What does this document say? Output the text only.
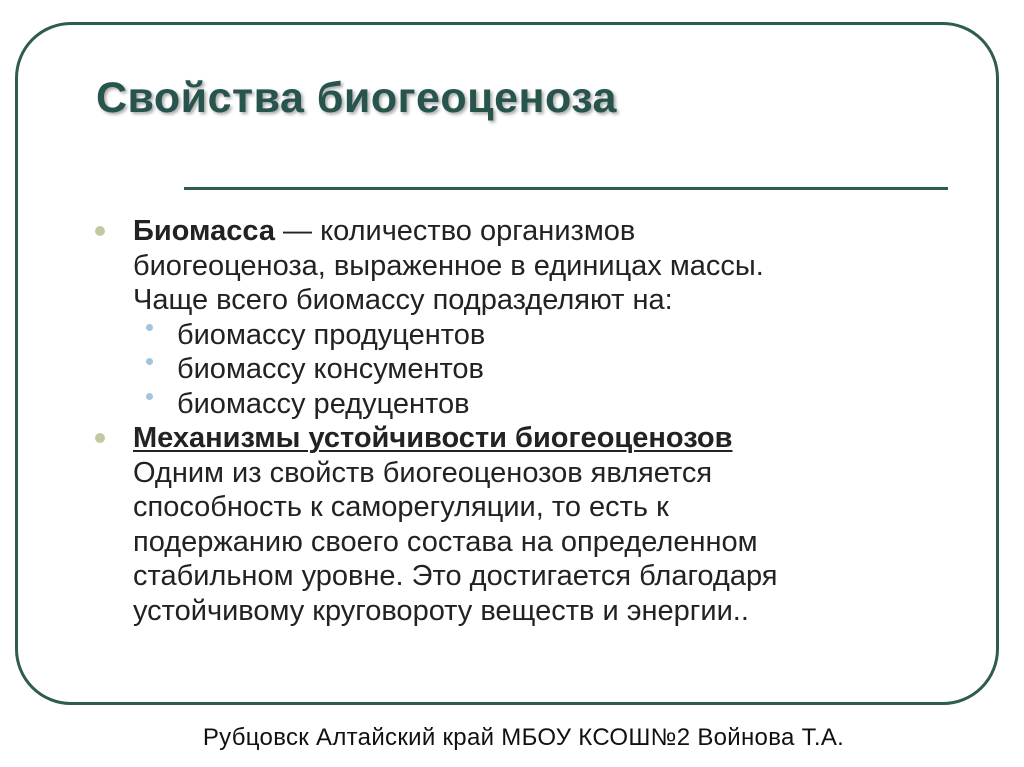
Свойства биогеоценоза
Биомасса — количество организмов
биогеоценоза, выраженное в единицах массы.
Чаще всего биомассу подразделяют на:
биомассу продуцентов
биомассу консументов
биомассу редуцентов
Механизмы устойчивости биогеоценозов
Одним из свойств биогеоценозов является
способность к саморегуляции, то есть к
подержанию своего состава на определенном
стабильном уровне. Это достигается благодаря
устойчивому круговороту веществ и энергии..
Рубцовск Алтайский край МБОУ КСОШ№2 Войнова Т.А.
